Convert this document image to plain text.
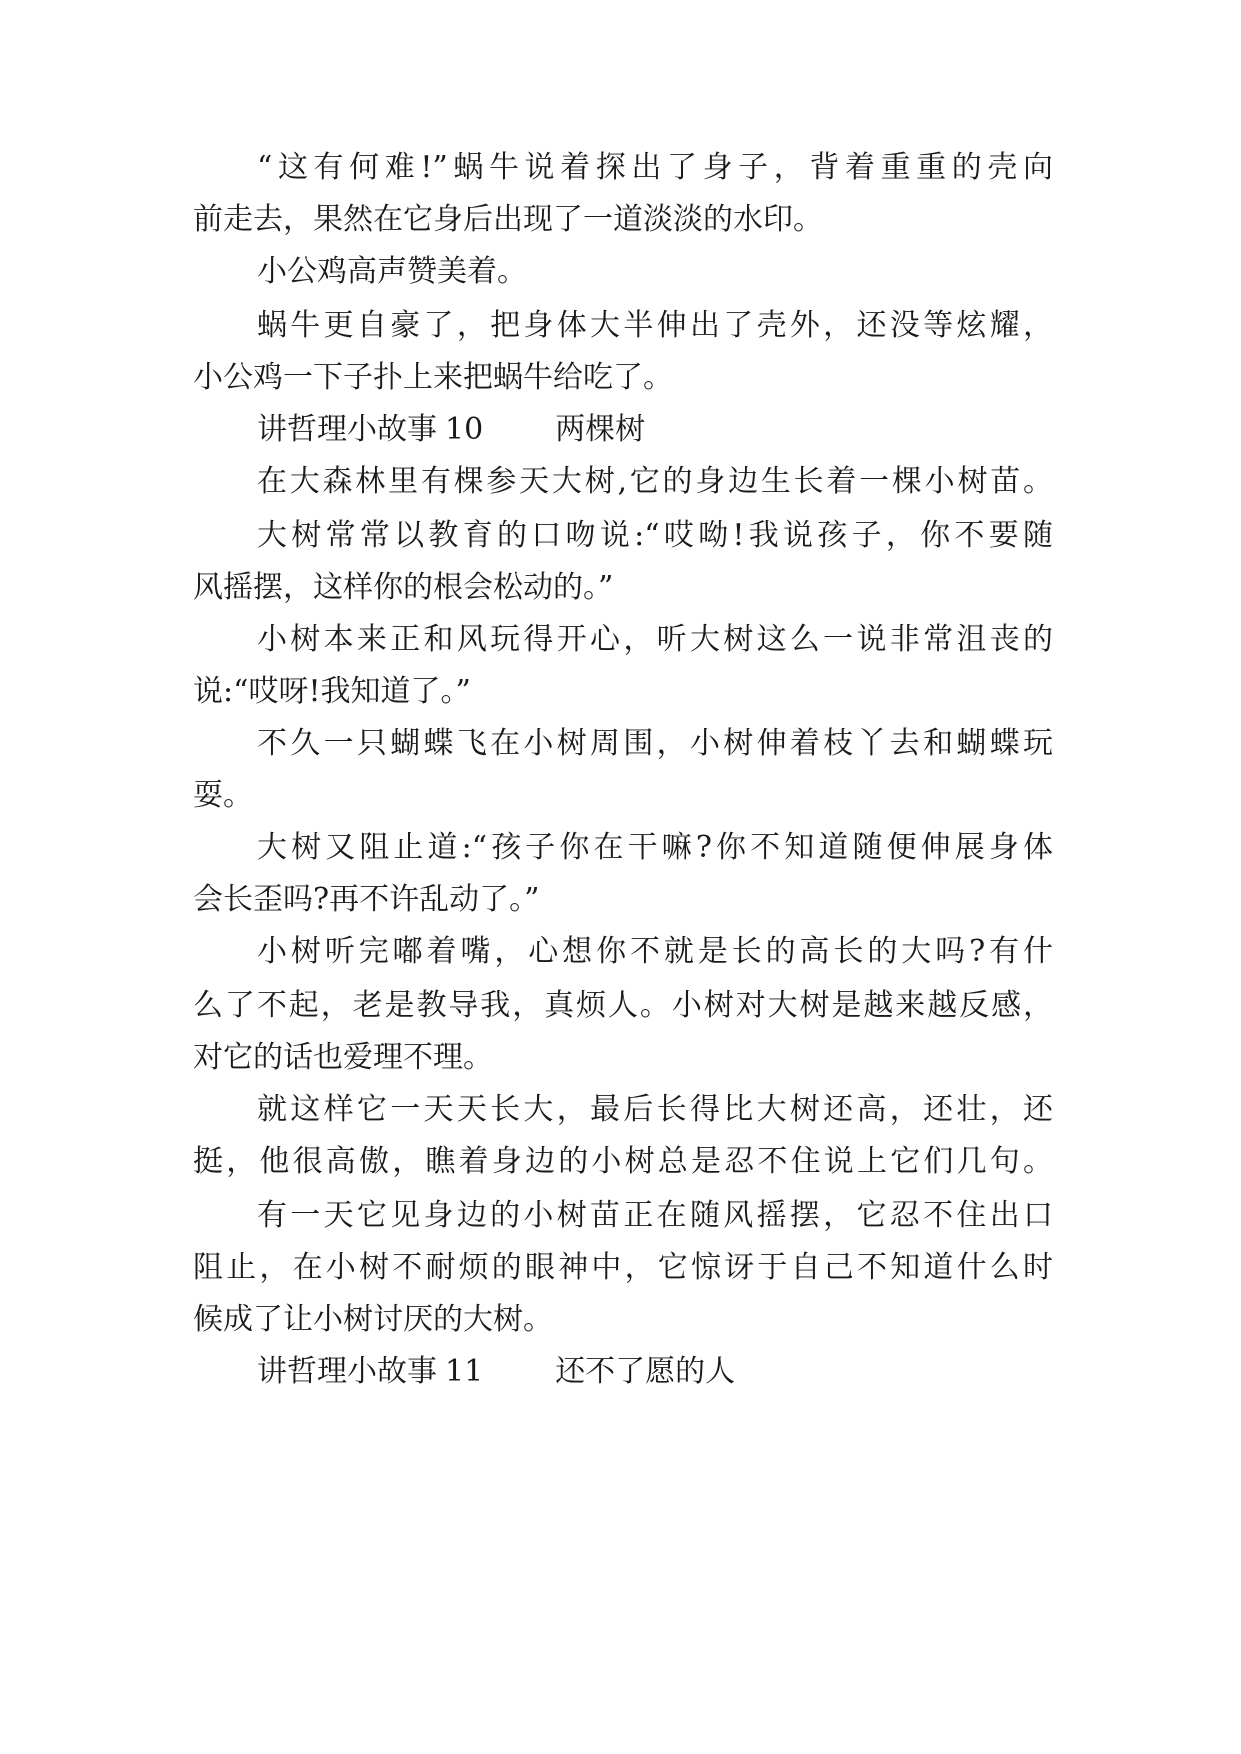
“这有何难!”蜗牛说着探出了身子，背着重重的壳向
前走去，果然在它身后出现了一道淡淡的水印。
小公鸡高声赞美着。
蜗牛更自豪了，把身体大半伸出了壳外，还没等炫耀，
小公鸡一下子扑上来把蜗牛给吃了。
讲哲理小故事 10 两棵树
在大森林里有棵参天大树,它的身边生长着一棵小树苗。
大树常常以教育的口吻说:“哎呦!我说孩子，你不要随
风摇摆，这样你的根会松动的。”
小树本来正和风玩得开心，听大树这么一说非常沮丧的
说:“哎呀!我知道了。”
不久一只蝴蝶飞在小树周围，小树伸着枝丫去和蝴蝶玩
耍。
大树又阻止道:“孩子你在干嘛?你不知道随便伸展身体
会长歪吗?再不许乱动了。”
小树听完嘟着嘴，心想你不就是长的高长的大吗?有什
么了不起，老是教导我，真烦人。小树对大树是越来越反感，
对它的话也爱理不理。
就这样它一天天长大，最后长得比大树还高，还壮，还
挺，他很高傲，瞧着身边的小树总是忍不住说上它们几句。
有一天它见身边的小树苗正在随风摇摆，它忍不住出口
阻止，在小树不耐烦的眼神中，它惊讶于自己不知道什么时
候成了让小树讨厌的大树。
讲哲理小故事 11 还不了愿的人
